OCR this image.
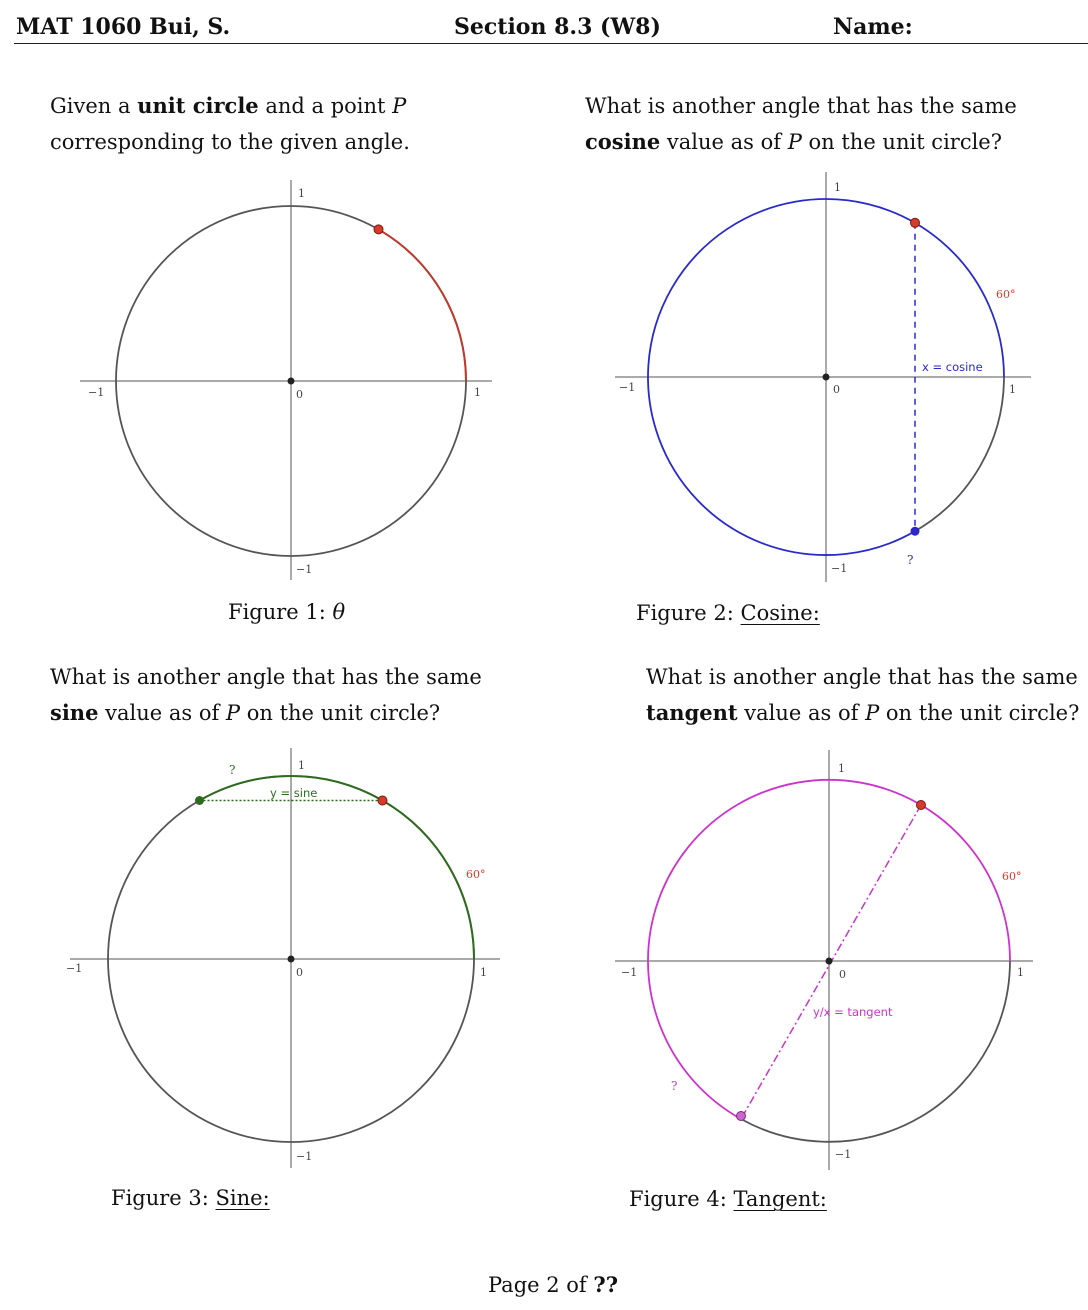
MAT 1060 Bui, S.	Section 8.3 (W8)	Name:
Given a unit circle and a point P
corresponding to the given angle.
What is another angle that has the same
cosine value as of P on the unit circle?
What is another angle that has the same
sine value as of P on the unit circle?
What is another angle that has the same
tangent value as of P on the unit circle?
1
−1
−1	1
0
Figure 1: θ
60°
x = cosine
?
1
−1
−1	1
0
Figure 2: Cosine:
60°
y = sine
?	1
−1
−1	1
0
Figure 3: Sine:
60°
y/x = tangent
?
1
−1
−1	1
0
Figure 4: Tangent:
Page 2 of ??
